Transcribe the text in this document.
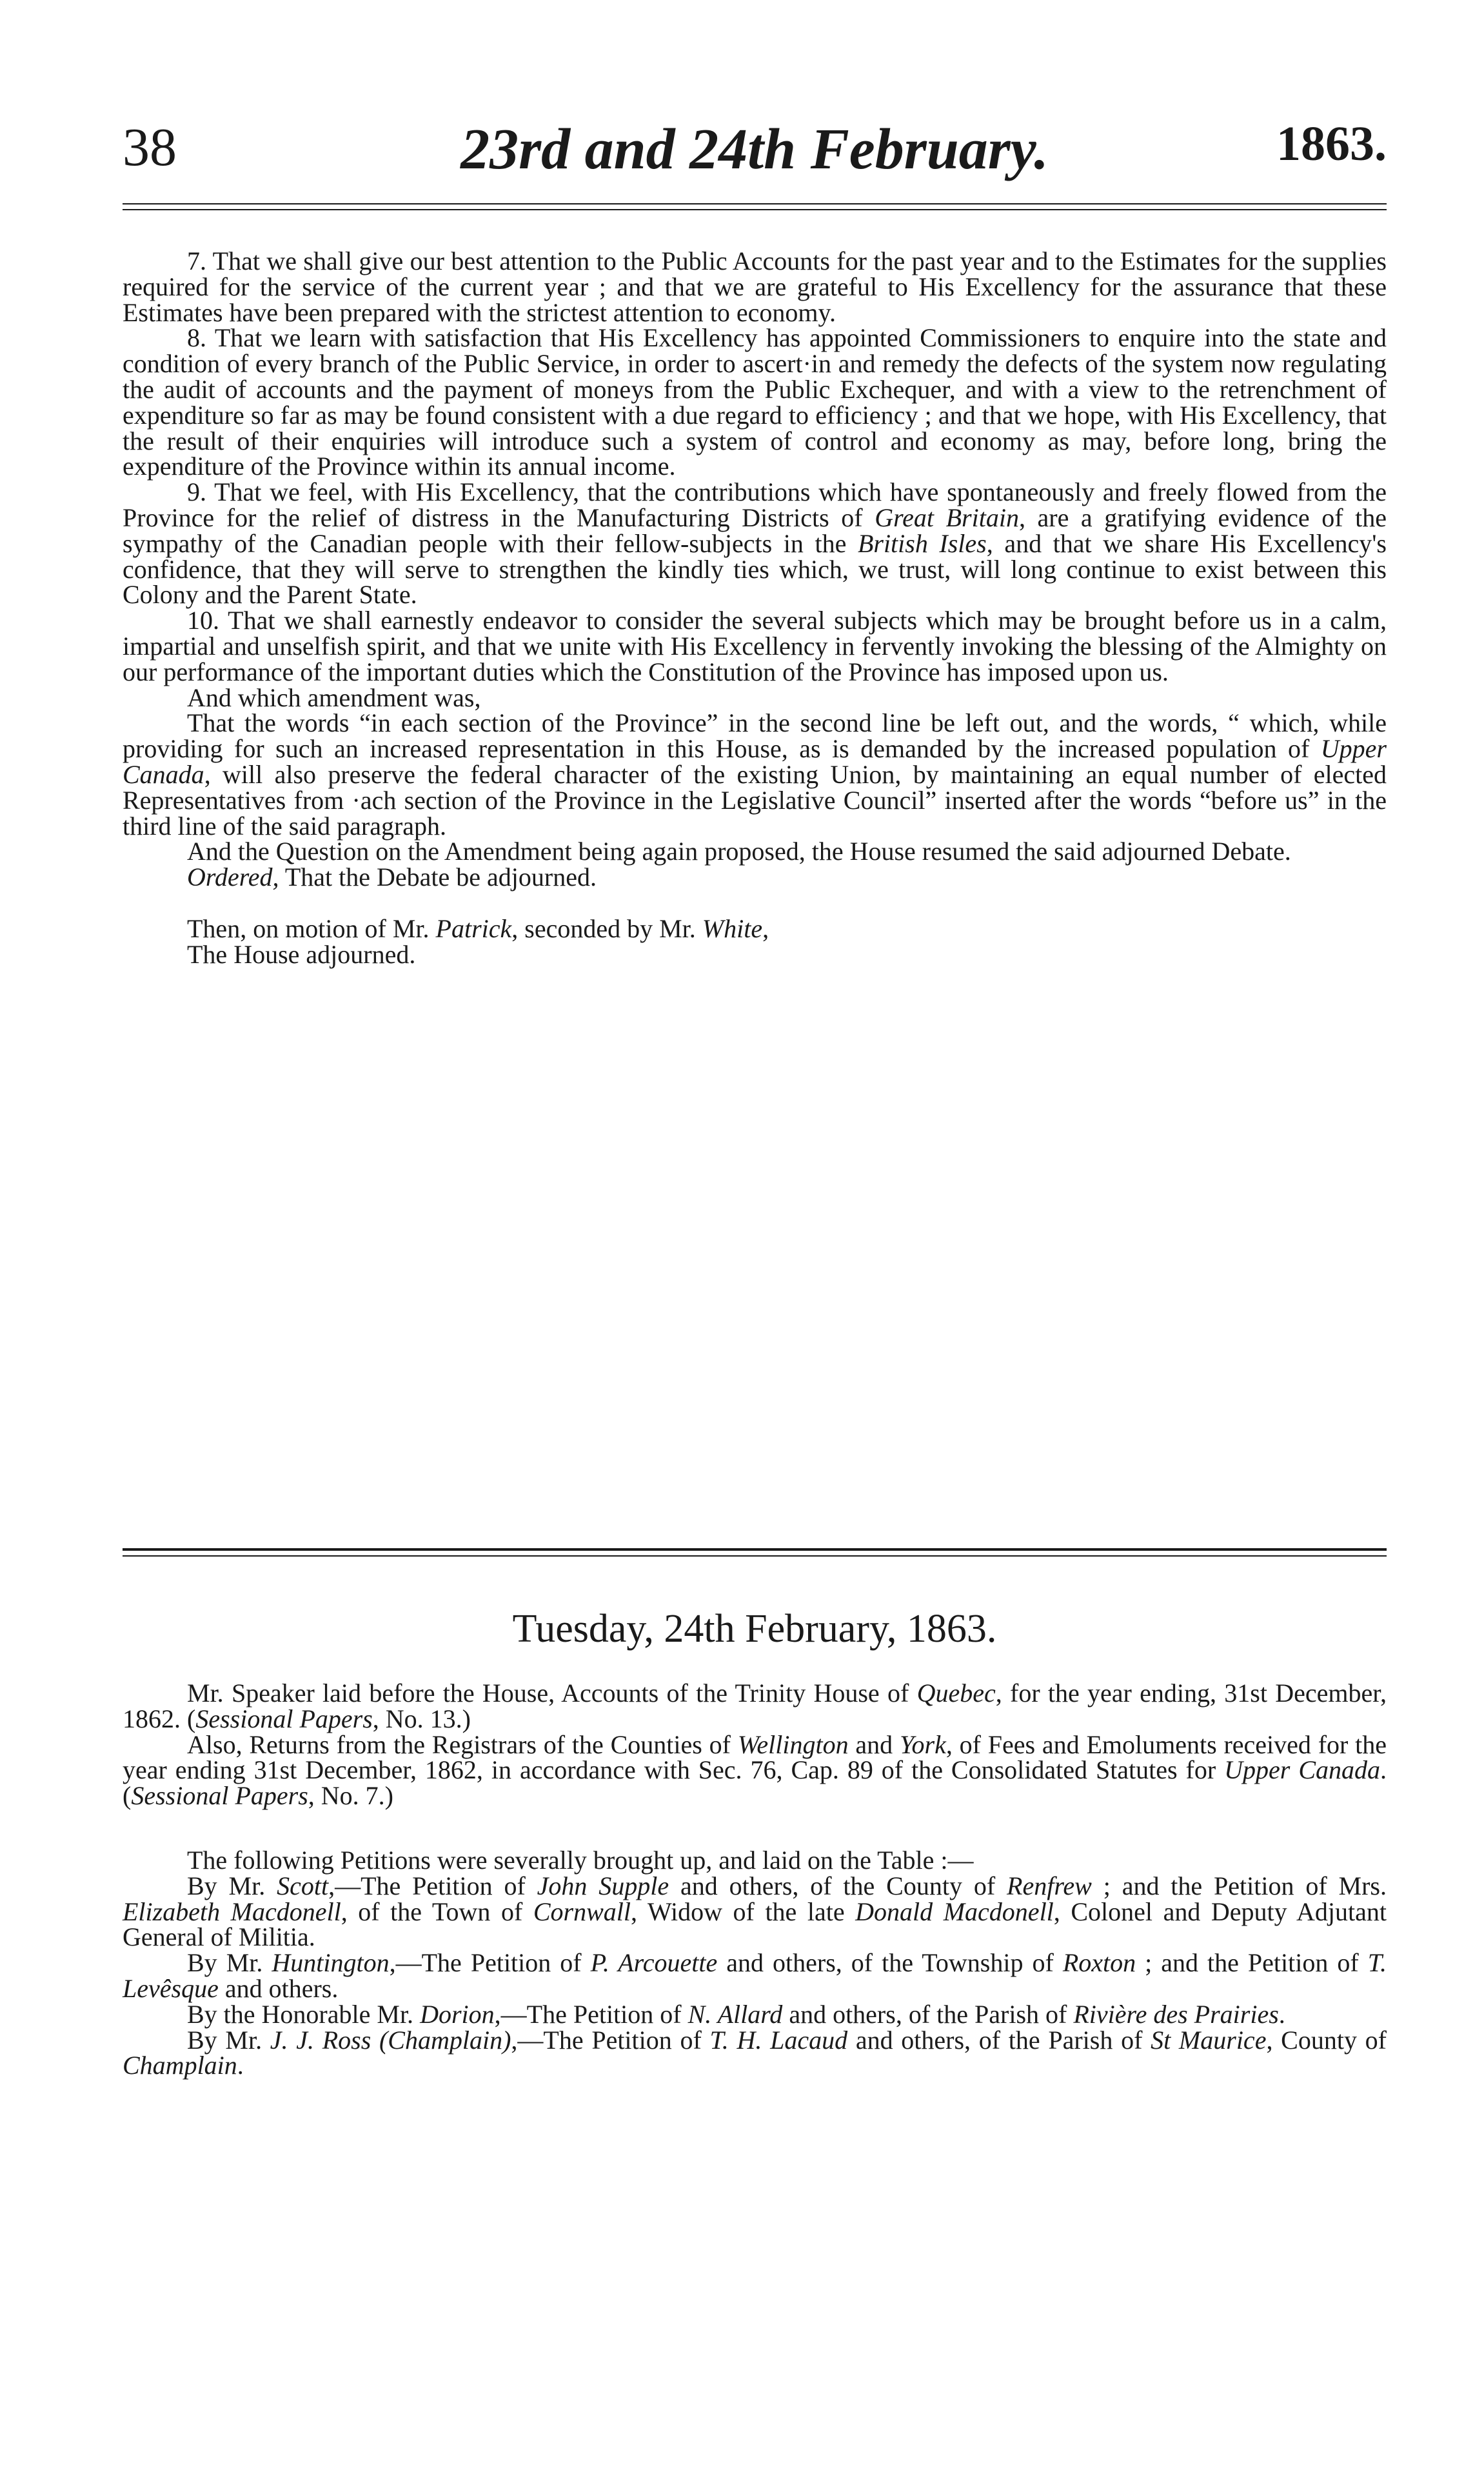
38	23rd and 24th February.	1863.

7. That we shall give our best attention to the Public Accounts for the past year and to the Estimates for the supplies required for the service of the current year ; and that we are grateful to His Excellency for the assurance that these Estimates have been prepared with the strictest attention to economy.

8. That we learn with satisfaction that His Excellency has appointed Commissioners to enquire into the state and condition of every branch of the Public Service, in order to ascert·in and remedy the defects of the system now regulating the audit of accounts and the payment of moneys from the Public Exchequer, and with a view to the retrenchment of expenditure so far as may be found consistent with a due regard to efficiency ; and that we hope, with His Excellency, that the result of their enquiries will introduce such a system of control and economy as may, before long, bring the expenditure of the Province within its annual income.

9. That we feel, with His Excellency, that the contributions which have spontaneously and freely flowed from the Province for the relief of distress in the Manufacturing Districts of Great Britain, are a gratifying evidence of the sympathy of the Canadian people with their fellow-subjects in the British Isles, and that we share His Excellency's confidence, that they will serve to strengthen the kindly ties which, we trust, will long continue to exist between this Colony and the Parent State.

10. That we shall earnestly endeavor to consider the several subjects which may be brought before us in a calm, impartial and unselfish spirit, and that we unite with His Excellency in fervently invoking the blessing of the Almighty on our performance of the important duties which the Constitution of the Province has imposed upon us.

And which amendment was,

That the words “in each section of the Province” in the second line be left out, and the words, “ which, while providing for such an increased representation in this House, as is demanded by the increased population of Upper Canada, will also preserve the federal character of the existing Union, by maintaining an equal number of elected Representatives from ·ach section of the Province in the Legislative Council” inserted after the words “before us” in the third line of the said paragraph.

And the Question on the Amendment being again proposed, the House resumed the said adjourned Debate.

Ordered, That the Debate be adjourned.

Then, on motion of Mr. Patrick, seconded by Mr. White,

The House adjourned.

Tuesday, 24th February, 1863.

Mr. Speaker laid before the House, Accounts of the Trinity House of Quebec, for the year ending, 31st December, 1862. (Sessional Papers, No. 13.)

Also, Returns from the Registrars of the Counties of Wellington and York, of Fees and Emoluments received for the year ending 31st December, 1862, in accordance with Sec. 76, Cap. 89 of the Consolidated Statutes for Upper Canada. (Sessional Papers, No. 7.)

The following Petitions were severally brought up, and laid on the Table :—

By Mr. Scott,—The Petition of John Supple and others, of the County of Renfrew ; and the Petition of Mrs. Elizabeth Macdonell, of the Town of Cornwall, Widow of the late Donald Macdonell, Colonel and Deputy Adjutant General of Militia.

By Mr. Huntington,—The Petition of P. Arcouette and others, of the Township of Roxton ; and the Petition of T. Levêsque and others.

By the Honorable Mr. Dorion,—The Petition of N. Allard and others, of the Parish of Rivière des Prairies.

By Mr. J. J. Ross (Champlain),—The Petition of T. H. Lacaud and others, of the Parish of St Maurice, County of Champlain.
